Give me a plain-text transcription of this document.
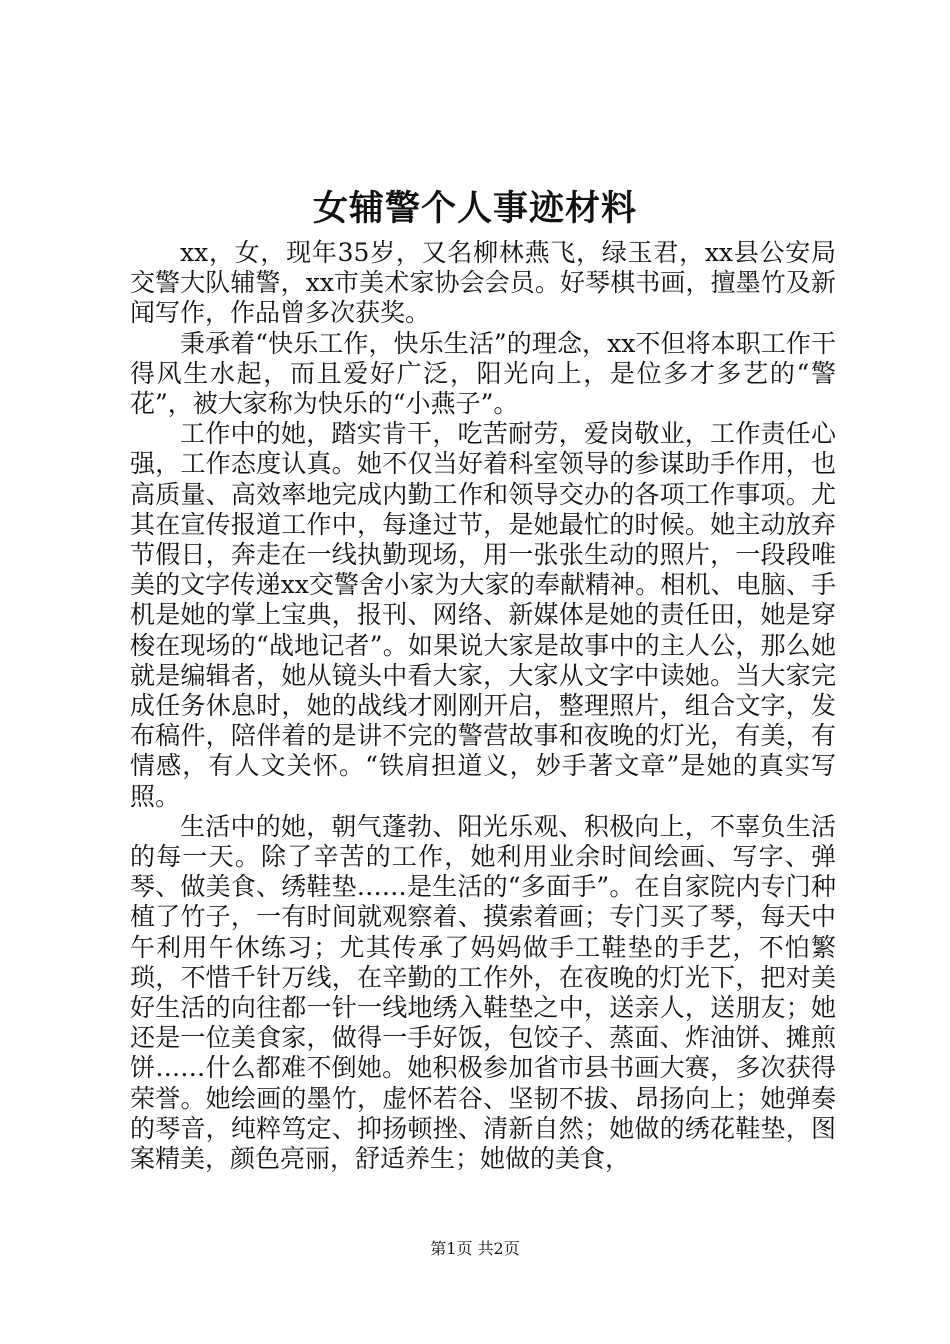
女辅警个人事迹材料

xx，女，现年35岁，又名柳林燕飞，绿玉君，xx县公安局交警大队辅警，xx市美术家协会会员。好琴棋书画，擅墨竹及新闻写作，作品曾多次获奖。

秉承着“快乐工作，快乐生活”的理念，xx不但将本职工作干得风生水起，而且爱好广泛，阳光向上，是位多才多艺的“警花”，被大家称为快乐的“小燕子”。

工作中的她，踏实肯干，吃苦耐劳，爱岗敬业，工作责任心强，工作态度认真。她不仅当好着科室领导的参谋助手作用，也高质量、高效率地完成内勤工作和领导交办的各项工作事项。尤其在宣传报道工作中，每逢过节，是她最忙的时候。她主动放弃节假日，奔走在一线执勤现场，用一张张生动的照片，一段段唯美的文字传递xx交警舍小家为大家的奉献精神。相机、电脑、手机是她的掌上宝典，报刊、网络、新媒体是她的责任田，她是穿梭在现场的“战地记者”。如果说大家是故事中的主人公，那么她就是编辑者，她从镜头中看大家，大家从文字中读她。当大家完成任务休息时，她的战线才刚刚开启，整理照片，组合文字，发布稿件，陪伴着的是讲不完的警营故事和夜晚的灯光，有美，有情感，有人文关怀。“铁肩担道义，妙手著文章”是她的真实写照。

生活中的她，朝气蓬勃、阳光乐观、积极向上，不辜负生活的每一天。除了辛苦的工作，她利用业余时间绘画、写字、弹琴、做美食、绣鞋垫……是生活的“多面手”。在自家院内专门种植了竹子，一有时间就观察着、摸索着画；专门买了琴，每天中午利用午休练习；尤其传承了妈妈做手工鞋垫的手艺，不怕繁琐，不惜千针万线，在辛勤的工作外，在夜晚的灯光下，把对美好生活的向往都一针一线地绣入鞋垫之中，送亲人，送朋友；她还是一位美食家，做得一手好饭，包饺子、蒸面、炸油饼、摊煎饼……什么都难不倒她。她积极参加省市县书画大赛，多次获得荣誉。她绘画的墨竹，虚怀若谷、坚韧不拔、昂扬向上；她弹奏的琴音，纯粹笃定、抑扬顿挫、清新自然；她做的绣花鞋垫，图案精美，颜色亮丽，舒适养生；她做的美食，

第1页 共2页
